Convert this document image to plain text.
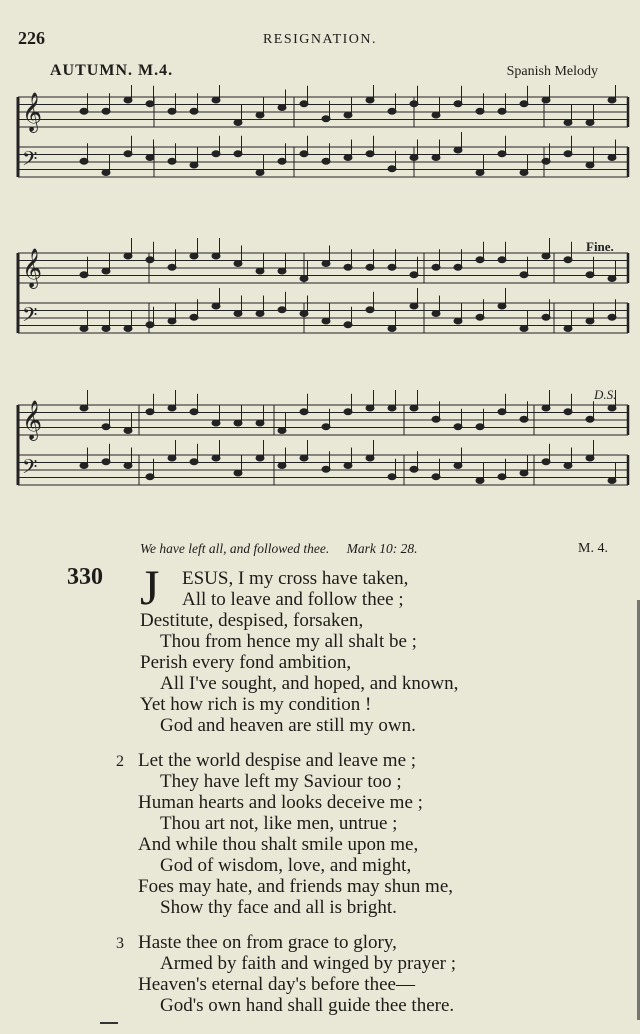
226	RESIGNATION.
AUTUMN. M.4.	Spanish Melody
𝄞
𝄢
𝄞
𝄢
𝄞
𝄢
Fine.
D.S.
We have left all, and followed thee. Mark 10: 28.	M. 4.
330 J ESUS, I my cross have taken,
All to leave and follow thee ;
Destitute, despised, forsaken,
Thou from hence my all shalt be ;
Perish every fond ambition,
All I've sought, and hoped, and known,
Yet how rich is my condition !
God and heaven are still my own.
2 Let the world despise and leave me ;
They have left my Saviour too ;
Human hearts and looks deceive me ;
Thou art not, like men, untrue ;
And while thou shalt smile upon me,
God of wisdom, love, and might,
Foes may hate, and friends may shun me,
Show thy face and all is bright.
3 Haste thee on from grace to glory,
Armed by faith and winged by prayer ;
Heaven's eternal day's before thee—
God's own hand shall guide thee there.
